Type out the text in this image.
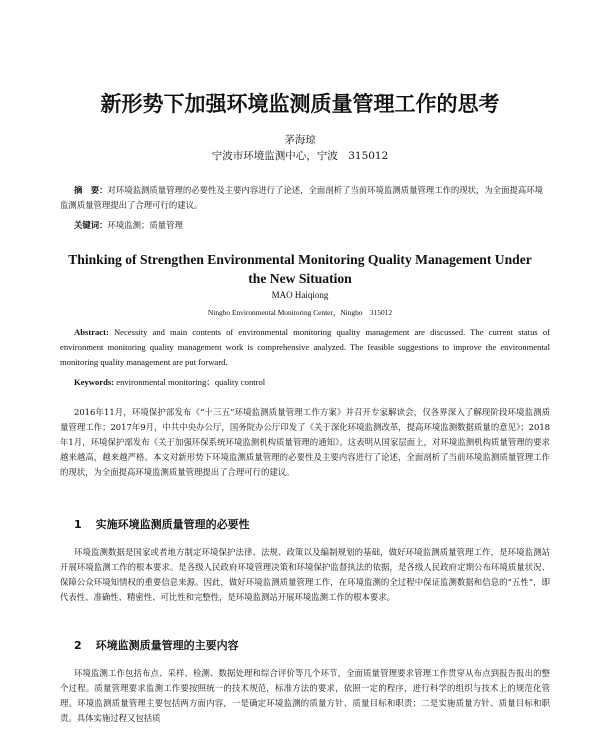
新形势下加强环境监测质量管理工作的思考
茅海琼
宁波市环境监测中心，宁波　315012
摘　要：对环境监测质量管理的必要性及主要内容进行了论述，全面剖析了当前环境监测质量管理工作的现状，为全面提高环境监测质量管理提出了合理可行的建议。
关键词：环境监测；质量管理
Thinking of Strengthen Environmental Monitoring Quality Management Under the New Situation
MAO Haiqiong
Ningbo Environmental Monitoring Center，Ningbo　315012
Abstract: Necessity and main contents of environmental monitoring quality management are discussed. The current status of environment monitoring quality management work is comprehensive analyzed. The feasible suggestions to improve the environmental monitoring quality management are put forward.
Keywords: environmental monitoring；quality control
2016年11月，环境保护部发布《“十三五”环境监测质量管理工作方案》并召开专家解读会，仅各界深入了解现阶段环境监测质量管理工作；2017年9月，中共中央办公厅，国务院办公厅印发了《关于深化环境监测改革，提高环境监测数据质量的意见》；2018年1月，环境保护部发布《关于加强环保系统环境监测机构质量管理的通知》。这表明从国家层面上，对环境监测机构质量管理的要求越来越高，越来越严格。本文对新形势下环境监测质量管理的必要性及主要内容进行了论述，全面剖析了当前环境监测质量管理工作的现状，为全面提高环境监测质量管理提出了合理可行的建议。
1 实施环境监测质量管理的必要性
环境监测数据是国家或者地方制定环境保护法律、法规、政策以及编制规划的基础，做好环境监测质量管理工作，是环境监测站开展环境监测工作的根本要求。是各级人民政府环境管理决策和环境保护监督执法的依据，是各级人民政府定期公布环境质量状况、保障公众环境知情权的重要信息来源。因此，做好环境监测质量管理工作，在环境监测的全过程中保证监测数据和信息的“五性”，即代表性、准确性、精密性、可比性和完整性，是环境监测站开展环境监测工作的根本要求。
2 环境监测质量管理的主要内容
环境监测工作包括布点、采样、检测、数据处理和综合评价等几个环节，全面质量管理要求管理工作贯穿从布点到报告报出的整个过程。质量管理要求监测工作要按照统一的技术规范，标准方法的要求，依照一定的程序，进行科学的组织与技术上的规范化管理。环境监测质量管理主要包括两方面内容，一是确定环境监测的质量方针、质量目标和职责；二是实施质量方针、质量目标和职责。具体实施过程又包括质
